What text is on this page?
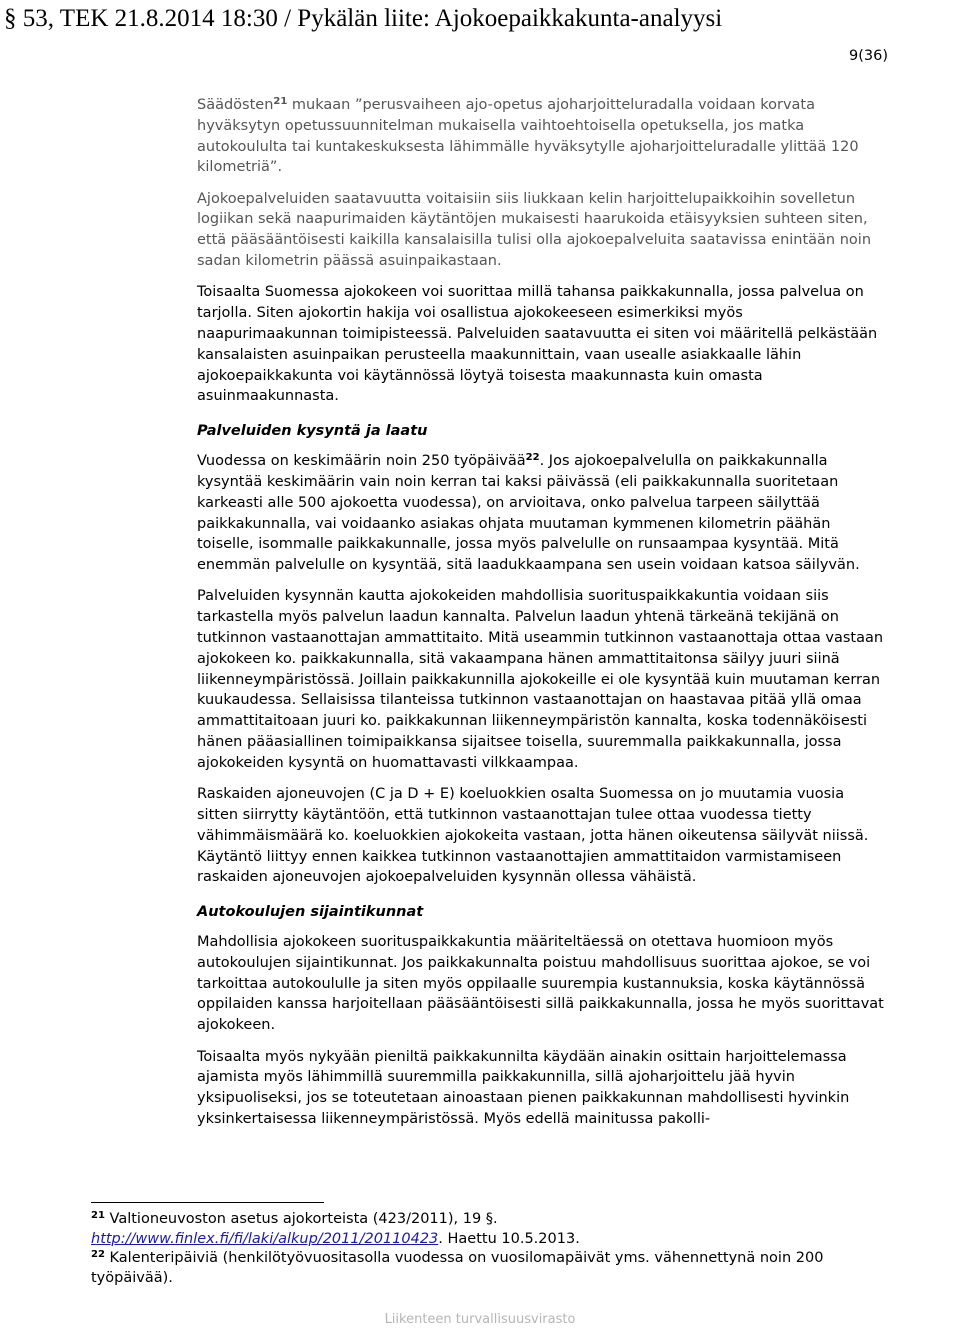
§ 53, TEK 21.8.2014 18:30 / Pykälän liite: Ajokoepaikkakunta-analyysi
9(36)

Säädösten$^{21}$ mukaan ”perusvaiheen ajo-opetus ajoharjoitteluradalla voidaan korvata hyväksytyn opetussuunnitelman mukaisella vaihtoehtoisella opetuksella, jos matka autokoululta tai kuntakeskuksesta lähimmälle hyväksytylle ajoharjoitteluradalle ylittää 120 kilometriä”.

Ajokoepalveluiden saatavuutta voitaisiin siis liukkaan kelin harjoittelupaikkoihin sovelletun logiikan sekä naapurimaiden käytäntöjen mukaisesti haarukoida etäisyyksien suhteen siten, että pääsääntöisesti kaikilla kansalaisilla tulisi olla ajokoepalveluita saatavissa enintään noin sadan kilometrin päässä asuinpaikastaan.

Toisaalta Suomessa ajokokeen voi suorittaa millä tahansa paikkakunnalla, jossa palvelua on tarjolla. Siten ajokortin hakija voi osallistua ajokokeeseen esimerkiksi myös naapurimaakunnan toimipisteessä. Palveluiden saatavuutta ei siten voi määritellä pelkästään kansalaisten asuinpaikan perusteella maakunnittain, vaan usealle asiakkaalle lähin ajokoepaikkakunta voi käytännössä löytyä toisesta maakunnasta kuin omasta asuinmaakunnasta.

Palveluiden kysyntä ja laatu

Vuodessa on keskimäärin noin 250 työpäivää$^{22}$. Jos ajokoepalvelulla on paikkakunnalla kysyntää keskimäärin vain noin kerran tai kaksi päivässä (eli paikkakunnalla suoritetaan karkeasti alle 500 ajokoetta vuodessa), on arvioitava, onko palvelua tarpeen säilyttää paikkakunnalla, vai voidaanko asiakas ohjata muutaman kymmenen kilometrin päähän toiselle, isommalle paikkakunnalle, jossa myös palvelulle on runsaampaa kysyntää. Mitä enemmän palvelulle on kysyntää, sitä laadukkaampana sen usein voidaan katsoa säilyvän.

Palveluiden kysynnän kautta ajokokeiden mahdollisia suorituspaikkakuntia voidaan siis tarkastella myös palvelun laadun kannalta. Palvelun laadun yhtenä tärkeänä tekijänä on tutkinnon vastaanottajan ammattitaito. Mitä useammin tutkinnon vastaanottaja ottaa vastaan ajokokeen ko. paikkakunnalla, sitä vakaampana hänen ammattitaitonsa säilyy juuri siinä liikenneympäristössä. Joillain paikkakunnilla ajokokeille ei ole kysyntää kuin muutaman kerran kuukaudessa. Sellaisissa tilanteissa tutkinnon vastaanottajan on haastavaa pitää yllä omaa ammattitaitoaan juuri ko. paikkakunnan liikenneympäristön kannalta, koska todennäköisesti hänen pääasiallinen toimipaikkansa sijaitsee toisella, suuremmalla paikkakunnalla, jossa ajokokeiden kysyntä on huomattavasti vilkkaampaa.

Raskaiden ajoneuvojen (C ja D + E) koeluokkien osalta Suomessa on jo muutamia vuosia sitten siirrytty käytäntöön, että tutkinnon vastaanottajan tulee ottaa vuodessa tietty vähimmäismäärä ko. koeluokkien ajokokeita vastaan, jotta hänen oikeutensa säilyvät niissä. Käytäntö liittyy ennen kaikkea tutkinnon vastaanottajien ammattitaidon varmistamiseen raskaiden ajoneuvojen ajokoepalveluiden kysynnän ollessa vähäistä.

Autokoulujen sijaintikunnat

Mahdollisia ajokokeen suorituspaikkakuntia määriteltäessä on otettava huomioon myös autokoulujen sijaintikunnat. Jos paikkakunnalta poistuu mahdollisuus suorittaa ajokoe, se voi tarkoittaa autokoululle ja siten myös oppilaalle suurempia kustannuksia, koska käytännössä oppilaiden kanssa harjoitellaan pääsääntöisesti sillä paikkakunnalla, jossa he myös suorittavat ajokokeen.

Toisaalta myös nykyään pieniltä paikkakunnilta käydään ainakin osittain harjoittelemassa ajamista myös lähimmillä suuremmilla paikkakunnilla, sillä ajoharjoittelu jää hyvin yksipuoliseksi, jos se toteutetaan ainoastaan pienen paikkakunnan mahdollisesti hyvinkin yksinkertaisessa liikenneympäristössä. Myös edellä mainitussa pakolli-

$^{21}$ Valtioneuvoston asetus ajokorteista (423/2011), 19 §.
http://www.finlex.fi/fi/laki/alkup/2011/20110423. Haettu 10.5.2013.

$^{22}$ Kalenteripäiviä (henkilötyövuositasolla vuodessa on vuosilomapäivät yms. vähennettynä noin 200 työpäivää).

Liikenteen turvallisuusvirasto
